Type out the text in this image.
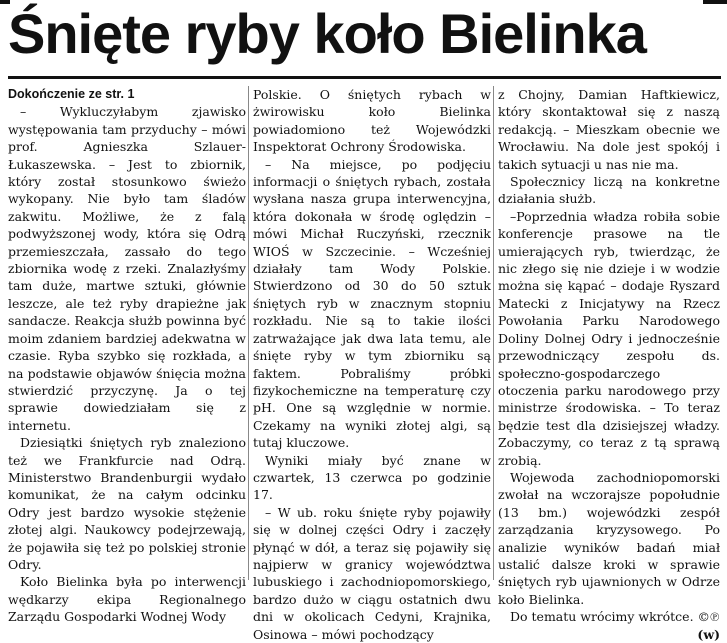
Śnięte ryby koło Bielinka
Dokończenie ze str. 1

– Wykluczyłabym zjawisko występowania tam przyduchy – mówi prof. Agnieszka Szlauer-Łukaszewska. – Jest to zbiornik, który został stosunkowo świeżo wykopany. Nie było tam śladów zakwitu. Możliwe, że z falą podwyższonej wody, która się Odrą przemieszczała, zassało do tego zbiornika wodę z rzeki. Znalazłyśmy tam duże, martwe sztuki, głównie leszcze, ale też ryby drapieżne jak sandacze. Reakcja służb powinna być moim zdaniem bardziej adekwatna w czasie. Ryba szybko się rozkłada, a na podstawie objawów śnięcia można stwierdzić przyczynę. Ja o tej sprawie dowiedziałam się z internetu.

Dziesiątki śniętych ryb znaleziono też we Frankfurcie nad Odrą. Ministerstwo Brandenburgii wydało komunikat, że na całym odcinku Odry jest bardzo wysokie stężenie złotej algi. Naukowcy podejrzewają, że pojawiła się też po polskiej stronie Odry.

Koło Bielinka była po interwencji wędkarzy ekipa Regionalnego Zarządu Gospodarki Wodnej Wody

Polskie. O śniętych rybach w żwirowisku koło Bielinka powiadomiono też Wojewódzki Inspektorat Ochrony Środowiska.

– Na miejsce, po podjęciu informacji o śniętych rybach, została wysłana nasza grupa interwencyjna, która dokonała w środę oględzin – mówi Michał Ruczyński, rzecznik WIOŚ w Szczecinie. – Wcześniej działały tam Wody Polskie. Stwierdzono od 30 do 50 sztuk śniętych ryb w znacznym stopniu rozkładu. Nie są to takie ilości zatrważające jak dwa lata temu, ale śnięte ryby w tym zbiorniku są faktem. Pobraliśmy próbki fizykochemiczne na temperaturę czy pH. One są względnie w normie. Czekamy na wyniki złotej algi, są tutaj kluczowe.

Wyniki miały być znane w czwartek, 13 czerwca po godzinie 17.

– W ub. roku śnięte ryby pojawiły się w dolnej części Odry i zaczęły płynąć w dół, a teraz się pojawiły się najpierw w granicy województwa lubuskiego i zachodniopomorskiego, bardzo dużo w ciągu ostatnich dwu dni w okolicach Cedyni, Krajnika, Osinowa – mówi pochodzący

z Chojny, Damian Haftkiewicz, który skontaktował się z naszą redakcją. – Mieszkam obecnie we Wrocławiu. Na dole jest spokój i takich sytuacji u nas nie ma.

Społecznicy liczą na konkretne działania służb.

–Poprzednia władza robiła sobie konferencje prasowe na tle umierających ryb, twierdząc, że nic złego się nie dzieje i w wodzie można się kąpać – dodaje Ryszard Matecki z Inicjatywy na Rzecz Powołania Parku Narodowego Doliny Dolnej Odry i jednocześnie przewodniczący zespołu ds. społeczno-gospodarczego otoczenia parku narodowego przy ministrze środowiska. – To teraz będzie test dla dzisiejszej władzy. Zobaczymy, co teraz z tą sprawą zrobią.

Wojewoda zachodniopomorski zwołał na wczorajsze popołudnie (13 bm.) wojewódzki zespół zarządzania kryzysowego. Po analizie wyników badań miał ustalić dalsze kroki w sprawie śniętych ryb ujawnionych w Odrze koło Bielinka.

Do tematu wrócimy wkrótce. ©℗

(w)
